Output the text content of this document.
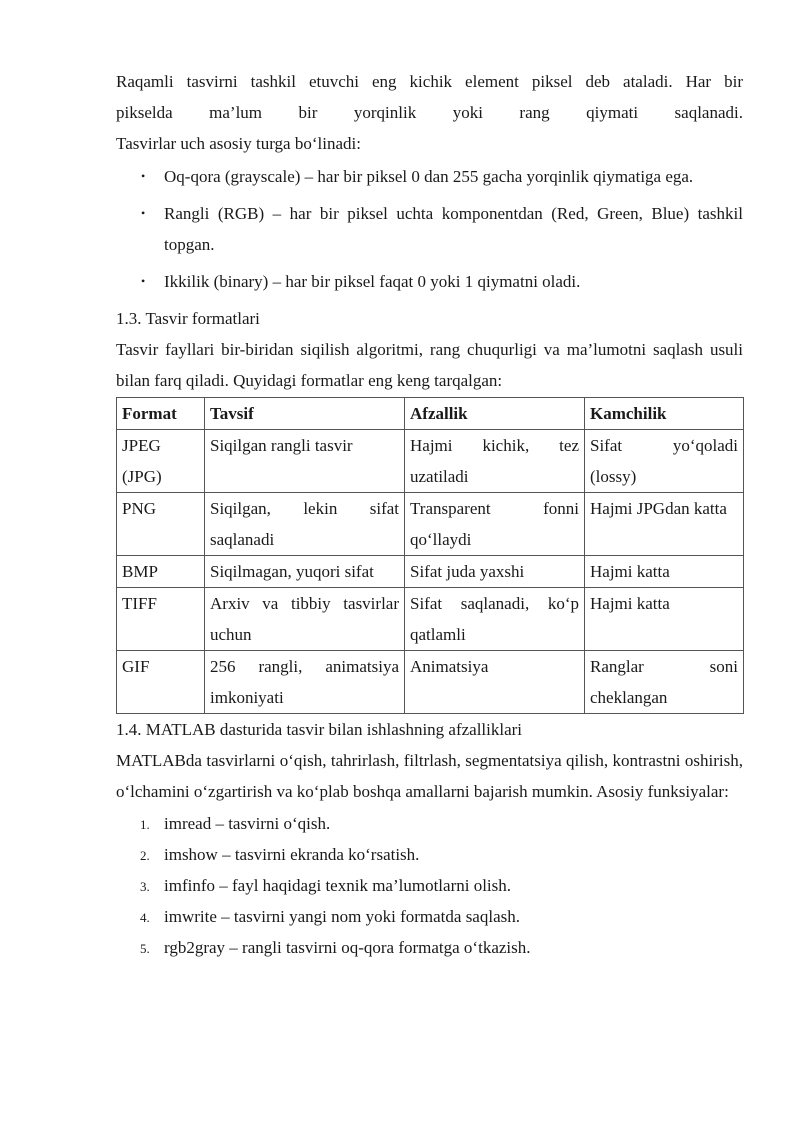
Raqamli tasvirni tashkil etuvchi eng kichik element piksel deb ataladi. Har bir

pikselda ma’lum bir yorqinlik yoki rang qiymati saqlanadi.

Tasvirlar uch asosiy turga bo‘linadi:

• Oq-qora (grayscale) – har bir piksel 0 dan 255 gacha yorqinlik qiymatiga ega.
• Rangli (RGB) – har bir piksel uchta komponentdan (Red, Green, Blue) tashkil topgan.
• Ikkilik (binary) – har bir piksel faqat 0 yoki 1 qiymatni oladi.

1.3. Tasvir formatlari

Tasvir fayllari bir-biridan siqilish algoritmi, rang chuqurligi va ma’lumotni saqlash usuli bilan farq qiladi. Quyidagi formatlar eng keng tarqalgan:

Format	Tavsif	Afzallik	Kamchilik
JPEG (JPG)	Siqilgan rangli tasvir	Hajmi kichik, tez uzatiladi	Sifat yo‘qoladi (lossy)
PNG	Siqilgan, lekin sifat saqlanadi	Transparent fonni qo‘llaydi	Hajmi JPGdan katta
BMP	Siqilmagan, yuqori sifat	Sifat juda yaxshi	Hajmi katta
TIFF	Arxiv va tibbiy tasvirlar uchun	Sifat saqlanadi, ko‘p qatlamli	Hajmi katta
GIF	256 rangli, animatsiya imkoniyati	Animatsiya	Ranglar soni cheklangan

1.4. MATLAB dasturida tasvir bilan ishlashning afzalliklari

MATLABda tasvirlarni o‘qish, tahrirlash, filtrlash, segmentatsiya qilish, kontrastni oshirish, o‘lchamini o‘zgartirish va ko‘plab boshqa amallarni bajarish mumkin. Asosiy funksiyalar:

1. imread – tasvirni o‘qish.
2. imshow – tasvirni ekranda ko‘rsatish.
3. imfinfo – fayl haqidagi texnik ma’lumotlarni olish.
4. imwrite – tasvirni yangi nom yoki formatda saqlash.
5. rgb2gray – rangli tasvirni oq-qora formatga o‘tkazish.
